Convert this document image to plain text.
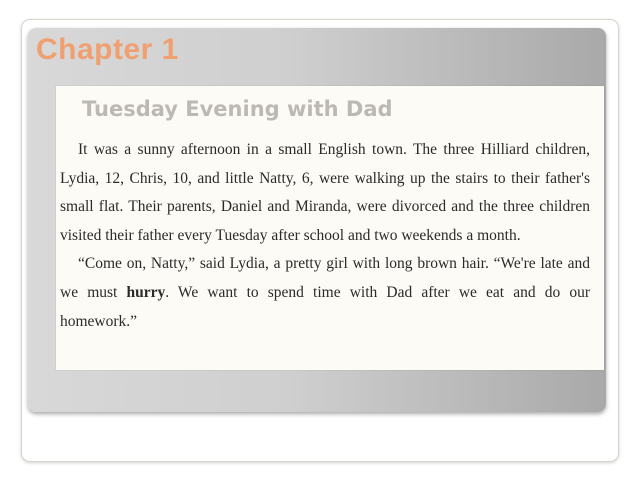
Chapter 1
Tuesday Evening with Dad

It was a sunny afternoon in a small English town. The three Hilliard children, Lydia, 12, Chris, 10, and little Natty, 6, were walking up the stairs to their father's small flat. Their parents, Daniel and Miranda, were divorced and the three children visited their father every Tuesday after school and two weekends a month.

“Come on, Natty,” said Lydia, a pretty girl with long brown hair. “We're late and we must hurry. We want to spend time with Dad after we eat and do our homework.”
